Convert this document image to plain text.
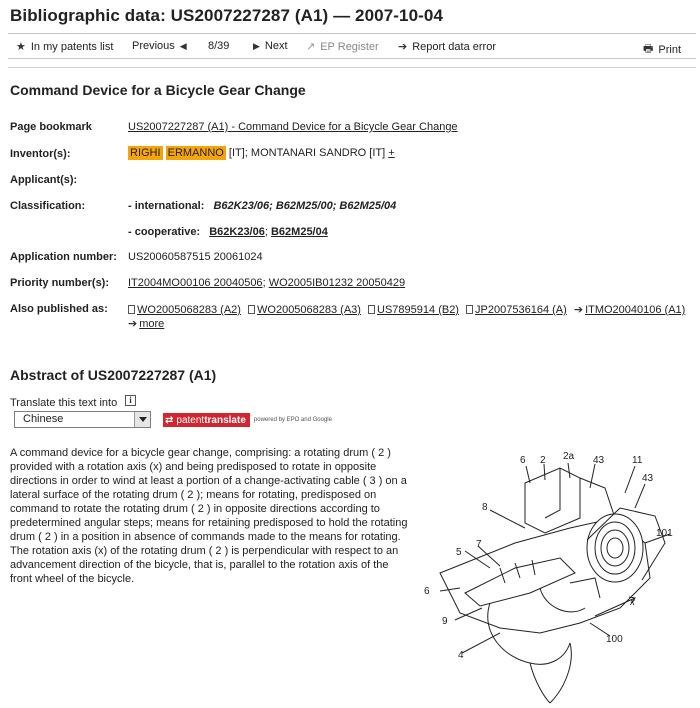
Bibliographic data: US2007227287 (A1) — 2007-10-04
★ In my patents list Previous ◀ 8/39	▶ Next ↗ EP Register ➔ Report data error	🖶 Print
Command Device for a Bicycle Gear Change
Page bookmark	US2007227287 (A1) - Command Device for a Bicycle Gear Change
Inventor(s):	RIGHI ERMANNO [IT]; MONTANARI SANDRO [IT] +
Applicant(s):
Classification:	- international: B62K23/06; B62M25/00; B62M25/04
- cooperative: B62K23/06; B62M25/04
Application number: US20060587515 20061024
Priority number(s): IT2004MO00106 20040506; WO2005IB01232 20050429
Also published as:	WO2005068283 (A2) WO2005068283 (A3) US7895914 (B2) JP2007536164 (A) ➔ ITMO20040106 (A1)
➔ more
Abstract of US2007227287 (A1)
Translate this text into	i
Chinese	⇄ patent translate powered by EPO and Google
A command device for a bicycle gear change, comprising: a rotating drum ( 2 ) provided with a rotation axis (x) and being predisposed to rotate in opposite directions in order to wind at least a portion of a change-activating cable ( 3 ) on a lateral surface of the rotating drum ( 2 ); means for rotating, predisposed on command to rotate the rotating drum ( 2 ) in opposite directions according to predetermined angular steps; means for retaining predisposed to hold the rotating drum ( 2 ) in a position in absence of commands made to the means for rotating. The rotation axis (x) of the rotating drum ( 2 ) is perpendicular with respect to an advancement direction of the bicycle, that is, parallel to the rotation axis of the front wheel of the bicycle.
6 2 2a 43	11
43
8
101
5
7
6
9
x
100
4
